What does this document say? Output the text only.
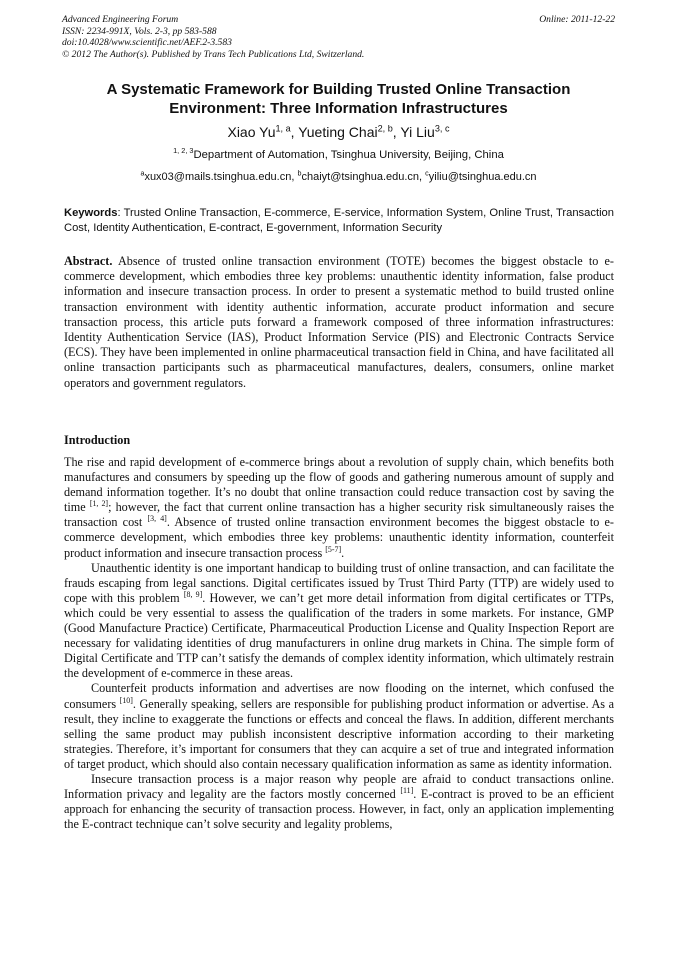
Advanced Engineering Forum
ISSN: 2234-991X, Vols. 2-3, pp 583-588
doi:10.4028/www.scientific.net/AEF.2-3.583
© 2012 The Author(s). Published by Trans Tech Publications Ltd, Switzerland.
Online: 2011-12-22
A Systematic Framework for Building Trusted Online Transaction
Environment: Three Information Infrastructures
Xiao Yu$^{1, a}$, Yueting Chai$^{2, b}$, Yi Liu$^{3, c}$
$^{1, 2, 3}$Department of Automation, Tsinghua University, Beijing, China
$^a$xux03@mails.tsinghua.edu.cn, $^b$chaiyt@tsinghua.edu.cn, $^c$yiliu@tsinghua.edu.cn
Keywords: Trusted Online Transaction, E-commerce, E-service, Information System, Online Trust, Transaction Cost, Identity Authentication, E-contract, E-government, Information Security
Abstract. Absence of trusted online transaction environment (TOTE) becomes the biggest obstacle to e-commerce development, which embodies three key problems: unauthentic identity information, false product information and insecure transaction process. In order to present a systematic method to build trusted online transaction environment with identity authentic information, accurate product information and secure transaction process, this article puts forward a framework composed of three information infrastructures: Identity Authentication Service (IAS), Product Information Service (PIS) and Electronic Contracts Service (ECS). They have been implemented in online pharmaceutical transaction field in China, and have facilitated all online transaction participants such as pharmaceutical manufactures, dealers, consumers, online market operators and government regulators.
Introduction

The rise and rapid development of e-commerce brings about a revolution of supply chain, which benefits both manufactures and consumers by speeding up the flow of goods and gathering numerous amount of supply and demand information together. It’s no doubt that online transaction could reduce transaction cost by saving the time [1, 2]; however, the fact that current online transaction has a higher security risk simultaneously raises the transaction cost [3, 4]. Absence of trusted online transaction environment becomes the biggest obstacle to e-commerce development, which embodies three key problems: unauthentic identity information, counterfeit product information and insecure transaction process [5-7].

Unauthentic identity is one important handicap to building trust of online transaction, and can facilitate the frauds escaping from legal sanctions. Digital certificates issued by Trust Third Party (TTP) are widely used to cope with this problem [8, 9]. However, we can’t get more detail information from digital certificates or TTPs, which could be very essential to assess the qualification of the traders in some markets. For instance, GMP (Good Manufacture Practice) Certificate, Pharmaceutical Production License and Quality Inspection Report are necessary for validating identities of drug manufacturers in online drug markets in China. The simple form of Digital Certificate and TTP can’t satisfy the demands of complex identity information, which ultimately restrain the development of e-commerce in these areas.

Counterfeit products information and advertises are now flooding on the internet, which confused the consumers [10]. Generally speaking, sellers are responsible for publishing product information or advertise. As a result, they incline to exaggerate the functions or effects and conceal the flaws. In addition, different merchants selling the same product may publish inconsistent descriptive information according to their marketing strategies. Therefore, it’s important for consumers that they can acquire a set of true and integrated information of target product, which should also contain necessary qualification information as same as identity information.

Insecure transaction process is a major reason why people are afraid to conduct transactions online. Information privacy and legality are the factors mostly concerned [11]. E-contract is proved to be an efficient approach for enhancing the security of transaction process. However, in fact, only an application implementing the E-contract technique can’t solve security and legality problems,
